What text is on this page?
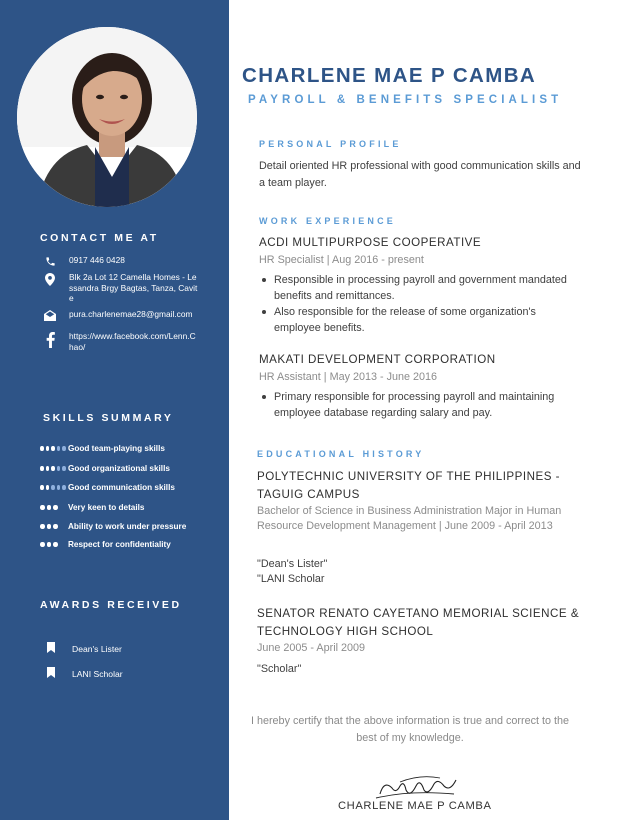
CONTACT ME AT
0917 446 0428
Blk 2a Lot 12 Camella Homes - Lessandra Brgy Bagtas, Tanza, Cavite
pura.charlenemae28@gmail.com
https://www.facebook.com/Lenn.Chao/
SKILLS SUMMARY
Good team-playing skills
Good organizational skills
Good communication skills
Very keen to details
Ability to work under pressure
Respect for confidentiality
AWARDS RECEIVED
Dean's Lister
LANI Scholar
CHARLENE MAE P CAMBA
PAYROLL & BENEFITS SPECIALIST
PERSONAL PROFILE
Detail oriented HR professional with good communication skills and a team player.
WORK EXPERIENCE
ACDI MULTIPURPOSE COOPERATIVE
HR Specialist | Aug 2016 - present
Responsible in processing payroll and government mandated benefits and remittances.
Also responsible for the release of some organization's employee benefits.
MAKATI DEVELOPMENT CORPORATION
HR Assistant | May 2013 - June 2016
Primary responsible for processing payroll and maintaining employee database regarding salary and pay.
EDUCATIONAL HISTORY
POLYTECHNIC UNIVERSITY OF THE PHILIPPINES - TAGUIG CAMPUS
Bachelor of Science in Business Administration Major in Human Resource Development Management | June 2009 - April 2013
"Dean's Lister"
"LANI Scholar
SENATOR RENATO CAYETANO MEMORIAL SCIENCE & TECHNOLOGY HIGH SCHOOL
June 2005 - April 2009
"Scholar"
I hereby certify that the above information is true and correct to the best of my knowledge.
CHARLENE MAE P CAMBA
